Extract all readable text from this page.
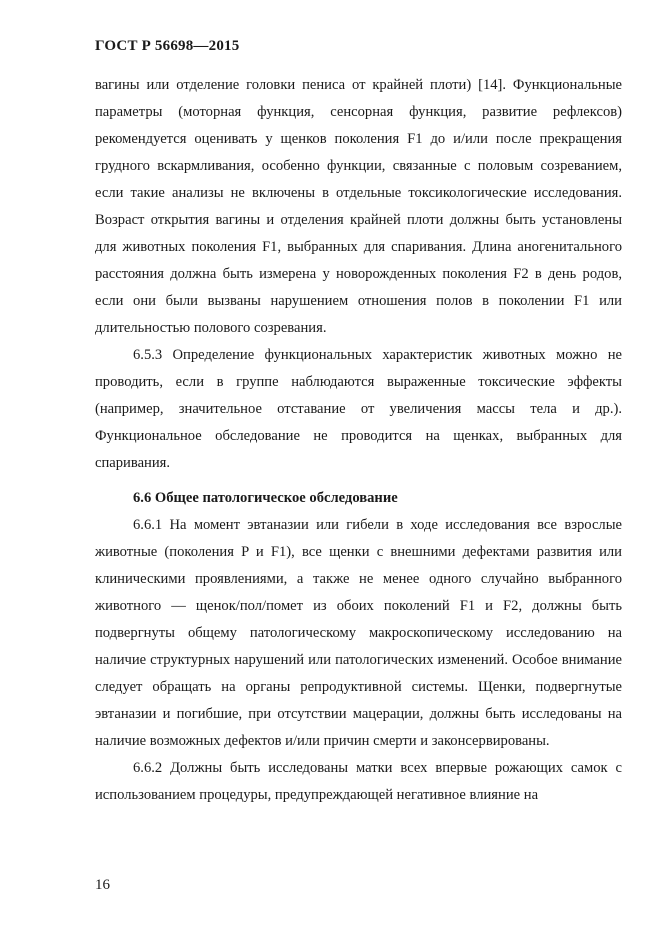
ГОСТ Р 56698—2015

вагины или отделение головки пениса от крайней плоти) [14]. Функциональные параметры (моторная функция, сенсорная функция, развитие рефлексов) рекомендуется оценивать у щенков поколения F1 до и/или после прекращения грудного вскармливания, особенно функции, связанные с половым созреванием, если такие анализы не включены в отдельные токсикологические исследования. Возраст открытия вагины и отделения крайней плоти должны быть установлены для животных поколения F1, выбранных для спаривания. Длина аногенитального расстояния должна быть измерена у новорожденных поколения F2 в день родов, если они были вызваны нарушением отношения полов в поколении F1 или длительностью полового созревания.

6.5.3 Определение функциональных характеристик животных можно не проводить, если в группе наблюдаются выраженные токсические эффекты (например, значительное отставание от увеличения массы тела и др.). Функциональное обследование не проводится на щенках, выбранных для спаривания.

6.6 Общее патологическое обследование

6.6.1 На момент эвтаназии или гибели в ходе исследования все взрослые животные (поколения P и F1), все щенки с внешними дефектами развития или клиническими проявлениями, а также не менее одного случайно выбранного животного — щенок/пол/помет из обоих поколений F1 и F2, должны быть подвергнуты общему патологическому макроскопическому исследованию на наличие структурных нарушений или патологических изменений. Особое внимание следует обращать на органы репродуктивной системы. Щенки, подвергнутые эвтаназии и погибшие, при отсутствии мацерации, должны быть исследованы на наличие возможных дефектов и/или причин смерти и законсервированы.

6.6.2 Должны быть исследованы матки всех впервые рожающих самок с использованием процедуры, предупреждающей негативное влияние на

16
